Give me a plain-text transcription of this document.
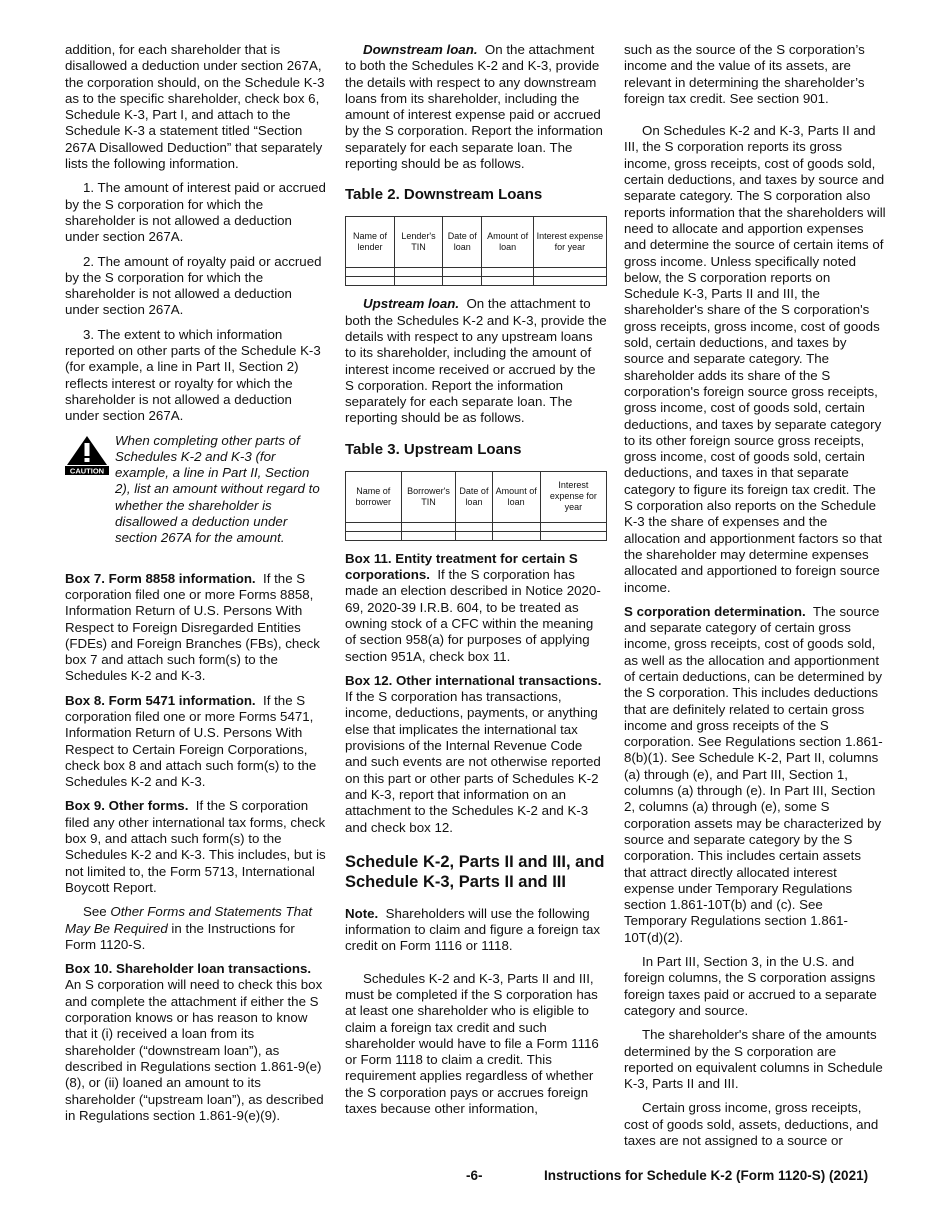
addition, for each shareholder that is disallowed a deduction under section 267A, the corporation should, on the Schedule K-3 as to the specific shareholder, check box 6, Schedule K-3, Part I, and attach to the Schedule K-3 a statement titled “Section 267A Disallowed Deduction” that separately lists the following information.

1. The amount of interest paid or accrued by the S corporation for which the shareholder is not allowed a deduction under section 267A.

2. The amount of royalty paid or accrued by the S corporation for which the shareholder is not allowed a deduction under section 267A.

3. The extent to which information reported on other parts of the Schedule K-3 (for example, a line in Part II, Section 2) reflects interest or royalty for which the shareholder is not allowed a deduction under section 267A.

CAUTION
When completing other parts of Schedules K-2 and K-3 (for example, a line in Part II, Section 2), list an amount without regard to whether the shareholder is disallowed a deduction under section 267A for the amount.

Box 7. Form 8858 information. If the S corporation filed one or more Forms 8858, Information Return of U.S. Persons With Respect to Foreign Disregarded Entities (FDEs) and Foreign Branches (FBs), check box 7 and attach such form(s) to the Schedules K-2 and K-3.

Box 8. Form 5471 information. If the S corporation filed one or more Forms 5471, Information Return of U.S. Persons With Respect to Certain Foreign Corporations, check box 8 and attach such form(s) to the Schedules K-2 and K-3.

Box 9. Other forms. If the S corporation filed any other international tax forms, check box 9, and attach such form(s) to the Schedules K-2 and K-3. This includes, but is not limited to, the Form 5713, International Boycott Report.

See Other Forms and Statements That May Be Required in the Instructions for Form 1120-S.

Box 10. Shareholder loan transactions. An S corporation will need to check this box and complete the attachment if either the S corporation knows or has reason to know that it (i) received a loan from its shareholder (“downstream loan”), as described in Regulations section 1.861-9(e)(8), or (ii) loaned an amount to its shareholder (“upstream loan”), as described in Regulations section 1.861-9(e)(9).

Downstream loan. On the attachment to both the Schedules K-2 and K-3, provide the details with respect to any downstream loans from its shareholder, including the amount of interest expense paid or accrued by the S corporation. Report the information separately for each separate loan. The reporting should be as follows.

Table 2. Downstream Loans
Name of lender	Lender's TIN	Date of loan	Amount of loan	Interest expense for year

Upstream loan. On the attachment to both the Schedules K-2 and K-3, provide the details with respect to any upstream loans to its shareholder, including the amount of interest income received or accrued by the S corporation. Report the information separately for each separate loan. The reporting should be as follows.

Table 3. Upstream Loans
Name of borrower	Borrower's TIN	Date of loan	Amount of loan	Interest expense for year

Box 11. Entity treatment for certain S corporations. If the S corporation has made an election described in Notice 2020-69, 2020-39 I.R.B. 604, to be treated as owning stock of a CFC within the meaning of section 958(a) for purposes of applying section 951A, check box 11.

Box 12. Other international transactions.  If the S corporation has transactions, income, deductions, payments, or anything else that implicates the international tax provisions of the Internal Revenue Code and such events are not otherwise reported on this part or other parts of Schedules K-2 and K-3, report that information on an attachment to the Schedules K-2 and K-3 and check box 12.

Schedule K-2, Parts II and III, and Schedule K-3, Parts II and III

Note. Shareholders will use the following information to claim and figure a foreign tax credit on Form 1116 or 1118.

Schedules K-2 and K-3, Parts II and III, must be completed if the S corporation has at least one shareholder who is eligible to claim a foreign tax credit and such shareholder would have to file a Form 1116 or Form 1118 to claim a credit. This requirement applies regardless of whether the S corporation pays or accrues foreign taxes because other information,

such as the source of the S corporation’s income and the value of its assets, are relevant in determining the shareholder’s foreign tax credit. See section 901.

On Schedules K-2 and K-3, Parts II and III, the S corporation reports its gross income, gross receipts, cost of goods sold, certain deductions, and taxes by source and separate category. The S corporation also reports information that the shareholders will need to allocate and apportion expenses and determine the source of certain items of gross income. Unless specifically noted below, the S corporation reports on Schedule K-3, Parts II and III, the shareholder's share of the S corporation's gross receipts, gross income, cost of goods sold, certain deductions, and taxes by source and separate category. The shareholder adds its share of the S corporation's foreign source gross receipts, gross income, cost of goods sold, certain deductions, and taxes by separate category to its other foreign source gross receipts, gross income, cost of goods sold, certain deductions, and taxes in that separate category to figure its foreign tax credit. The S corporation also reports on the Schedule K-3 the share of expenses and the allocation and apportionment factors so that the shareholder may determine expenses allocated and apportioned to foreign source income.

S corporation determination. The source and separate category of certain gross income, gross receipts, cost of goods sold, as well as the allocation and apportionment of certain deductions, can be determined by the S corporation. This includes deductions that are definitely related to certain gross income and gross receipts of the S corporation. See Regulations section 1.861-8(b)(1). See Schedule K-2, Part II, columns (a) through (e), and Part III, Section 1, columns (a) through (e). In Part III, Section 2, columns (a) through (e), some S corporation assets may be characterized by source and separate category by the S corporation. This includes certain assets that attract directly allocated interest expense under Temporary Regulations section 1.861-10T(b) and (c). See Temporary Regulations section 1.861-10T(d)(2).

In Part III, Section 3, in the U.S. and foreign columns, the S corporation assigns foreign taxes paid or accrued to a separate category and source.

The shareholder's share of the amounts determined by the S corporation are reported on equivalent columns in Schedule K-3, Parts II and III.

Certain gross income, gross receipts, cost of goods sold, assets, deductions, and taxes are not assigned to a source or

-6-	Instructions for Schedule K-2 (Form 1120-S) (2021)
